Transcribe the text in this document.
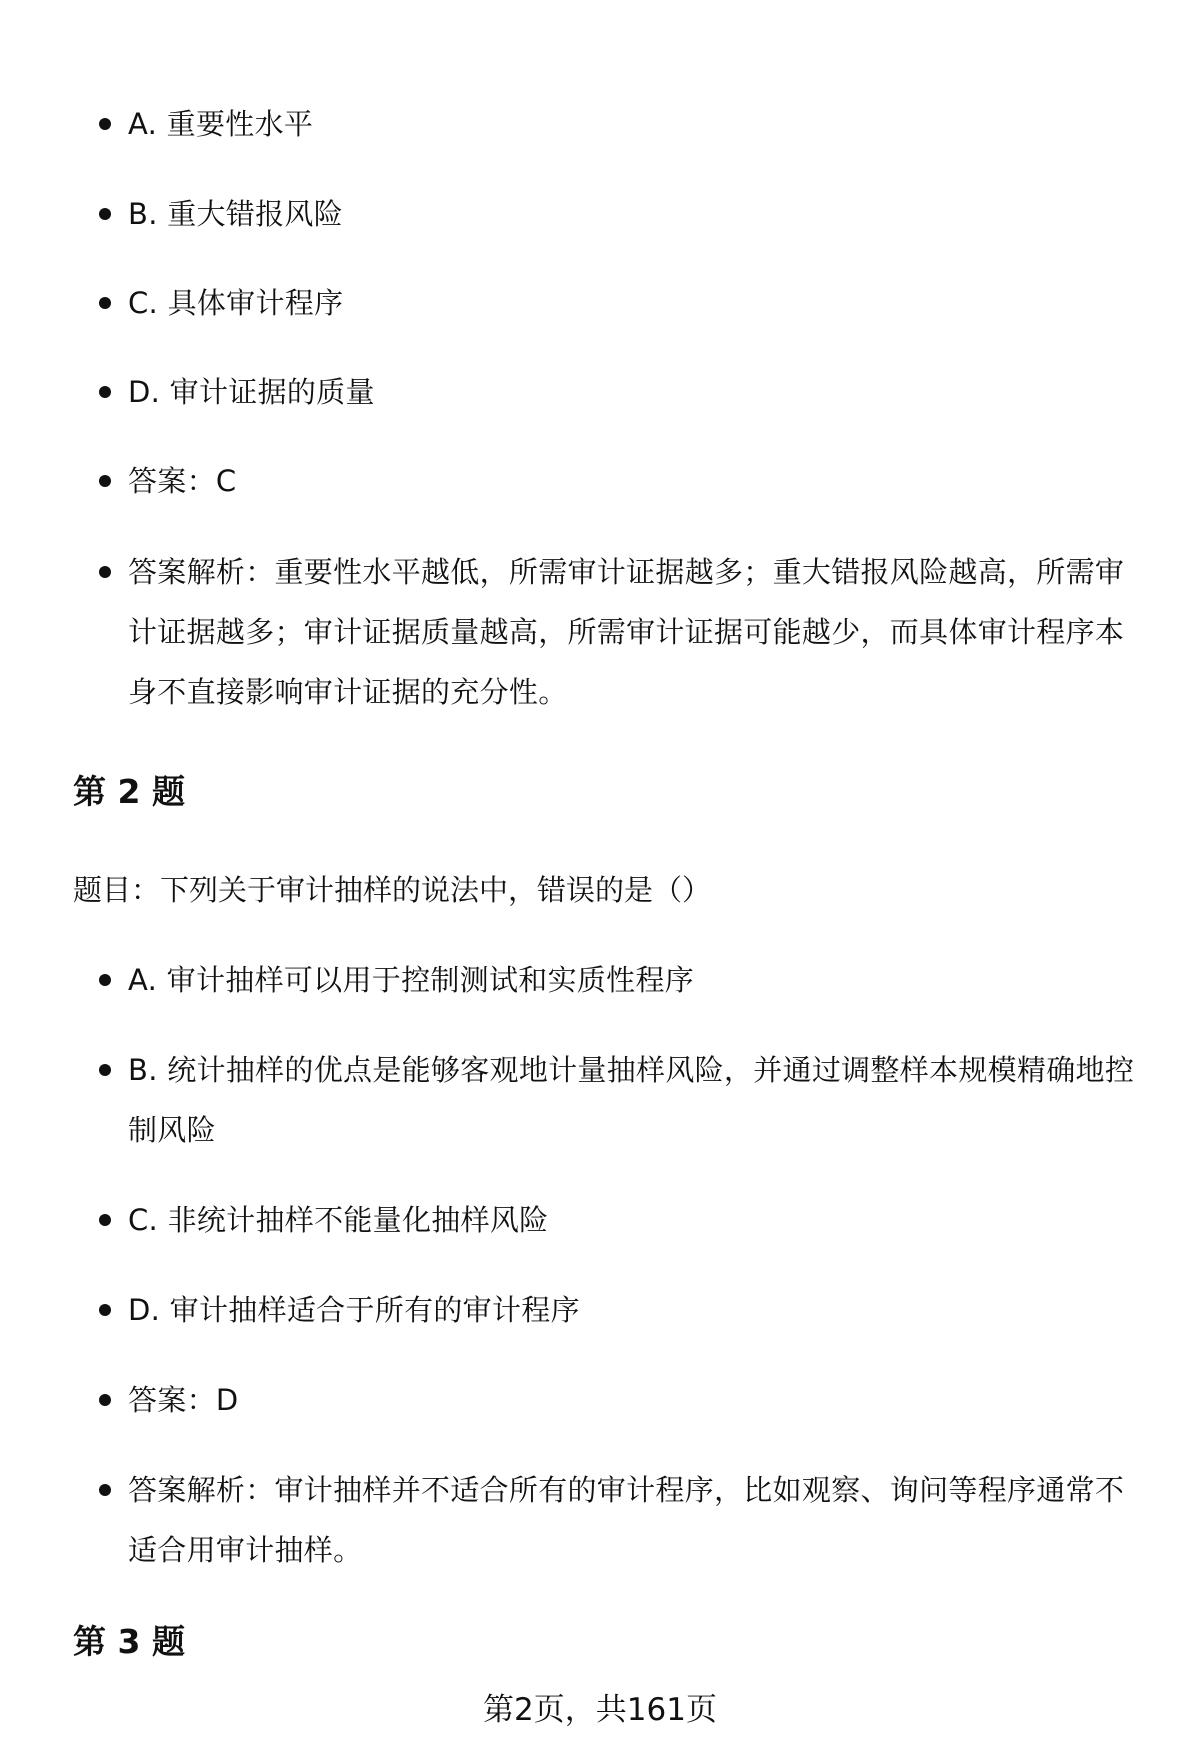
A. 重要性水平
B. 重大错报风险
C. 具体审计程序
D. 审计证据的质量
答案：C
答案解析：重要性水平越低，所需审计证据越多；重大错报风险越高，所需审计证据越多；审计证据质量越高，所需审计证据可能越少，而具体审计程序本身不直接影响审计证据的充分性。
第 2 题
题目：下列关于审计抽样的说法中，错误的是（）
A. 审计抽样可以用于控制测试和实质性程序
B. 统计抽样的优点是能够客观地计量抽样风险，并通过调整样本规模精确地控制风险
C. 非统计抽样不能量化抽样风险
D. 审计抽样适合于所有的审计程序
答案：D
答案解析：审计抽样并不适合所有的审计程序，比如观察、询问等程序通常不适合用审计抽样。
第 3 题
第2页，共161页
